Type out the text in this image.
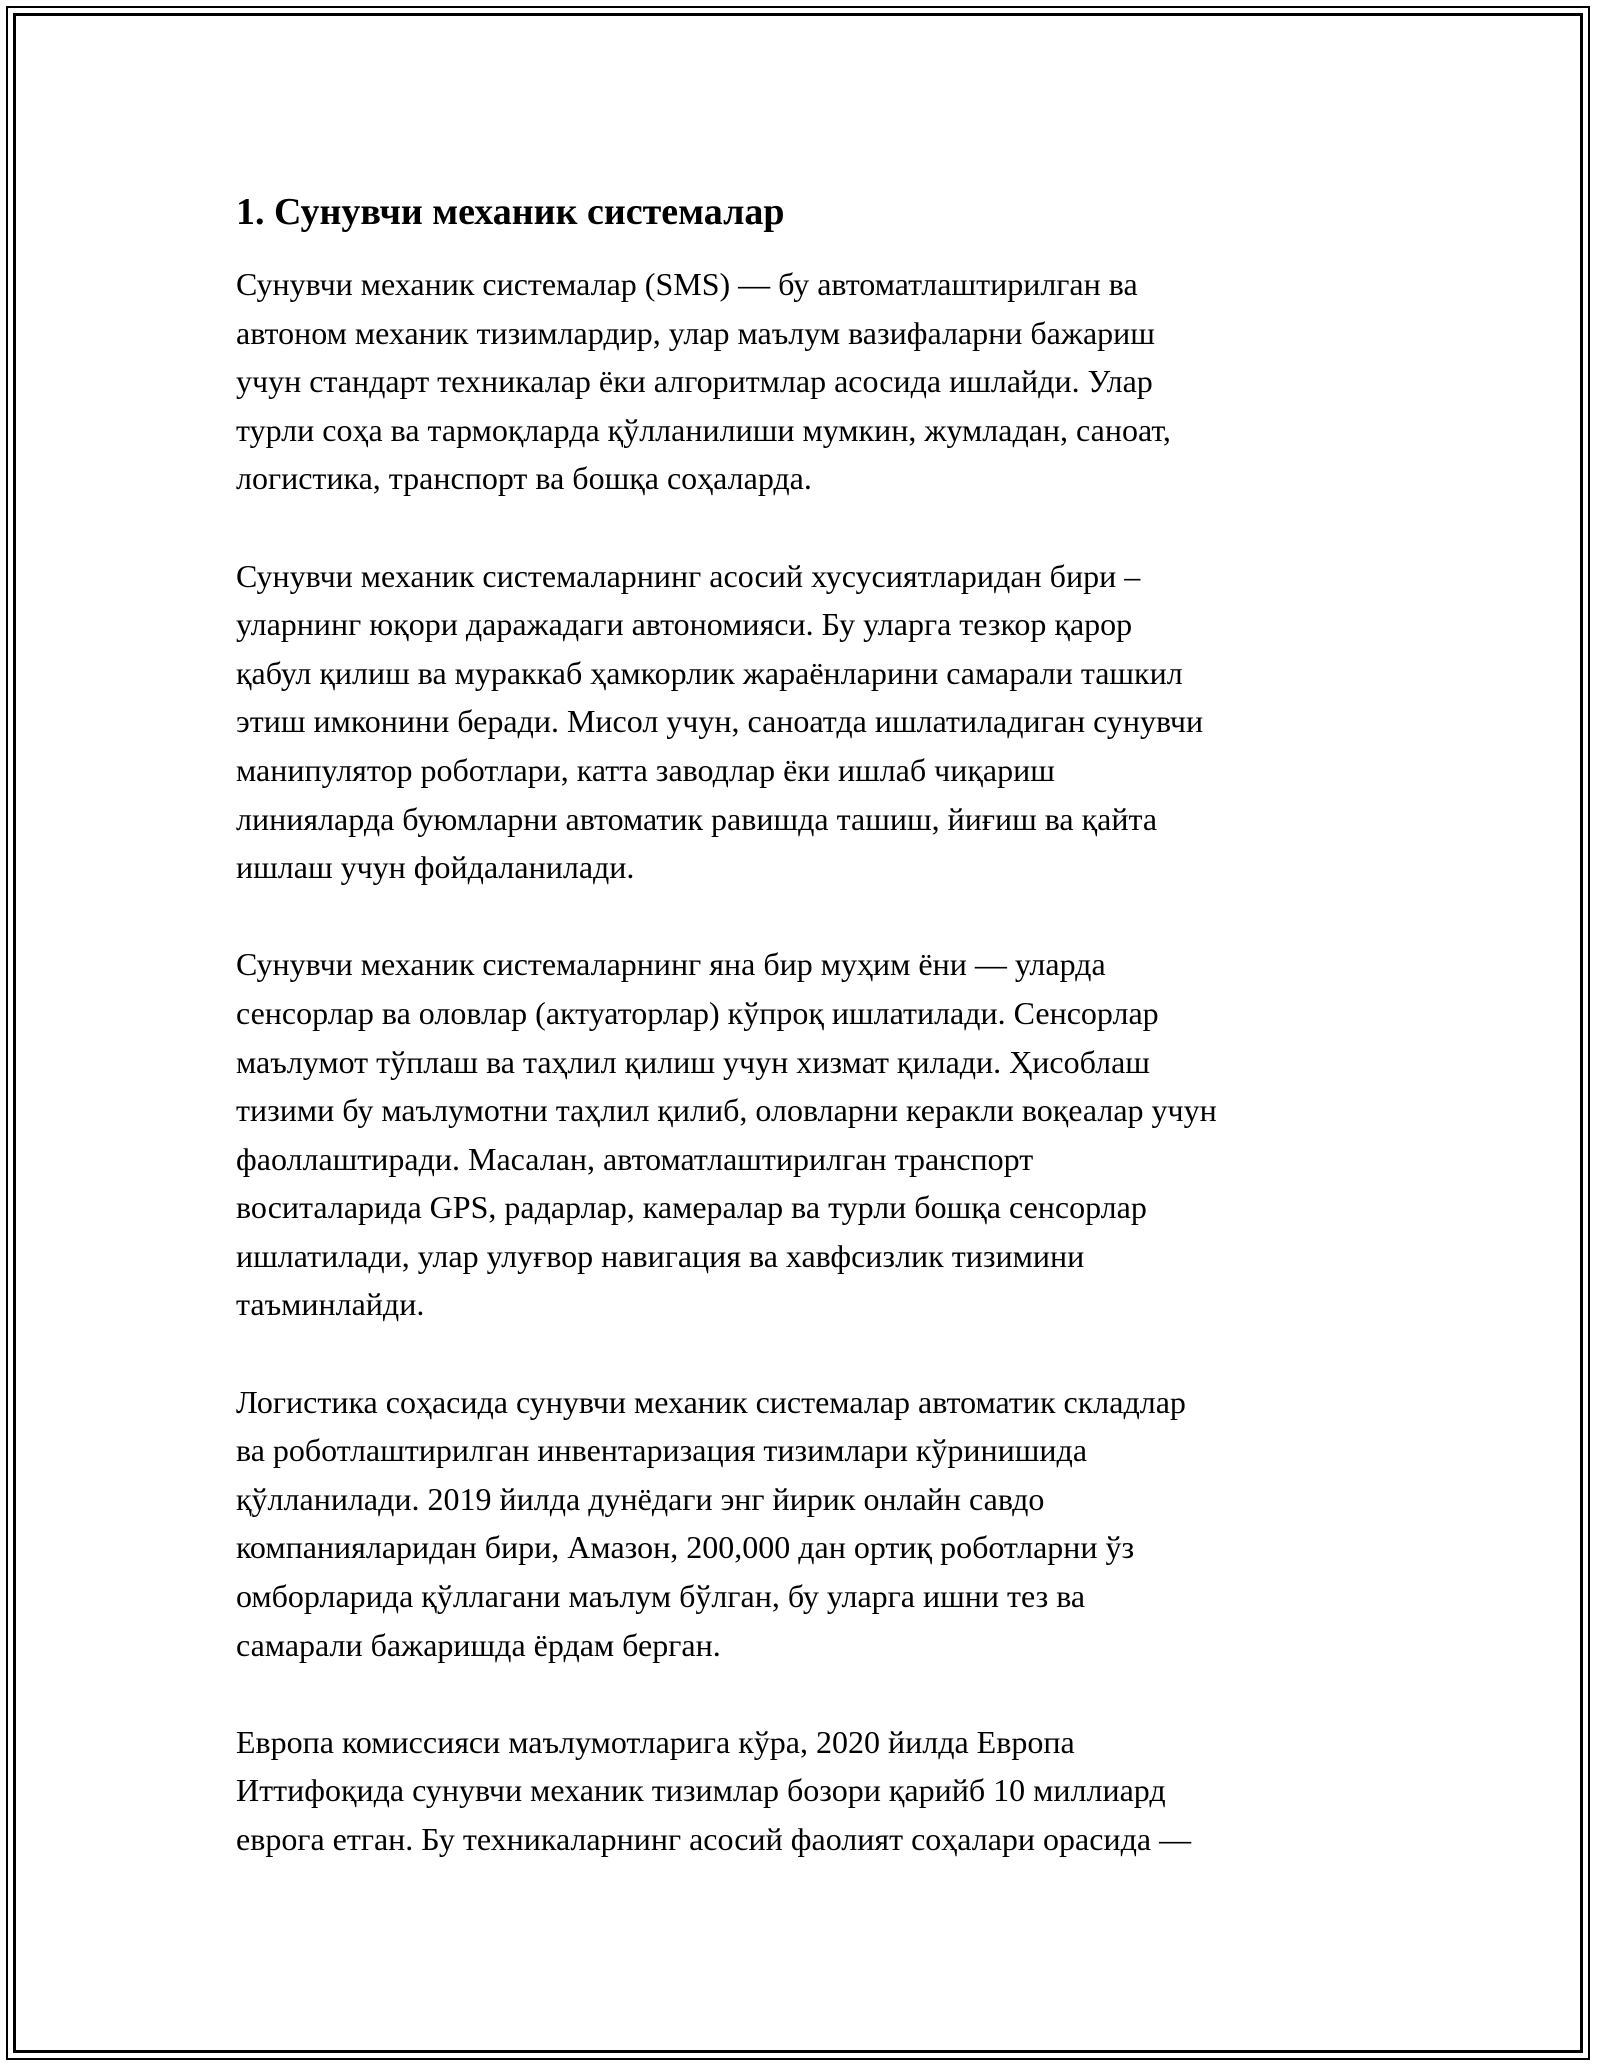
1. Сунувчи механик системалар
Сунувчи механик системалар (SMS) — бу автоматлаштирилган ва
автоном механик тизимлардир, улар маълум вазифаларни бажариш
учун стандарт техникалар ёки алгоритмлар асосида ишлайди. Улар
турли соҳа ва тармоқларда қўлланилиши мумкин, жумладан, саноат,
логистика, транспорт ва бошқа соҳаларда.
Сунувчи механик системаларнинг асосий хусусиятларидан бири –
уларнинг юқори даражадаги автономияси. Бу уларга тезкор қарор
қабул қилиш ва мураккаб ҳамкорлик жараёнларини самарали ташкил
этиш имконини беради. Мисол учун, саноатда ишлатиладиган сунувчи
манипулятор роботлари, катта заводлар ёки ишлаб чиқариш
линияларда буюмларни автоматик равишда ташиш, йиғиш ва қайта
ишлаш учун фойдаланилади.
Сунувчи механик системаларнинг яна бир муҳим ёни — уларда
сенсорлар ва оловлар (актуаторлар) кўпроқ ишлатилади. Сенсорлар
маълумот тўплаш ва таҳлил қилиш учун хизмат қилади. Ҳисоблаш
тизими бу маълумотни таҳлил қилиб, оловларни керакли воқеалар учун
фаоллаштиради. Масалан, автоматлаштирилган транспорт
воситаларида GPS, радарлар, камералар ва турли бошқа сенсорлар
ишлатилади, улар улуғвор навигация ва хавфсизлик тизимини
таъминлайди.
Логистика соҳасида сунувчи механик системалар автоматик складлар
ва роботлаштирилган инвентаризация тизимлари кўринишида
қўлланилади. 2019 йилда дунёдаги энг йирик онлайн савдо
компанияларидан бири, Амазон, 200,000 дан ортиқ роботларни ўз
омборларида қўллагани маълум бўлган, бу уларга ишни тез ва
самарали бажаришда ёрдам берган.
Европа комиссияси маълумотларига кўра, 2020 йилда Европа
Иттифоқида сунувчи механик тизимлар бозори қарийб 10 миллиард
еврога етган. Бу техникаларнинг асосий фаолият соҳалари орасида —
